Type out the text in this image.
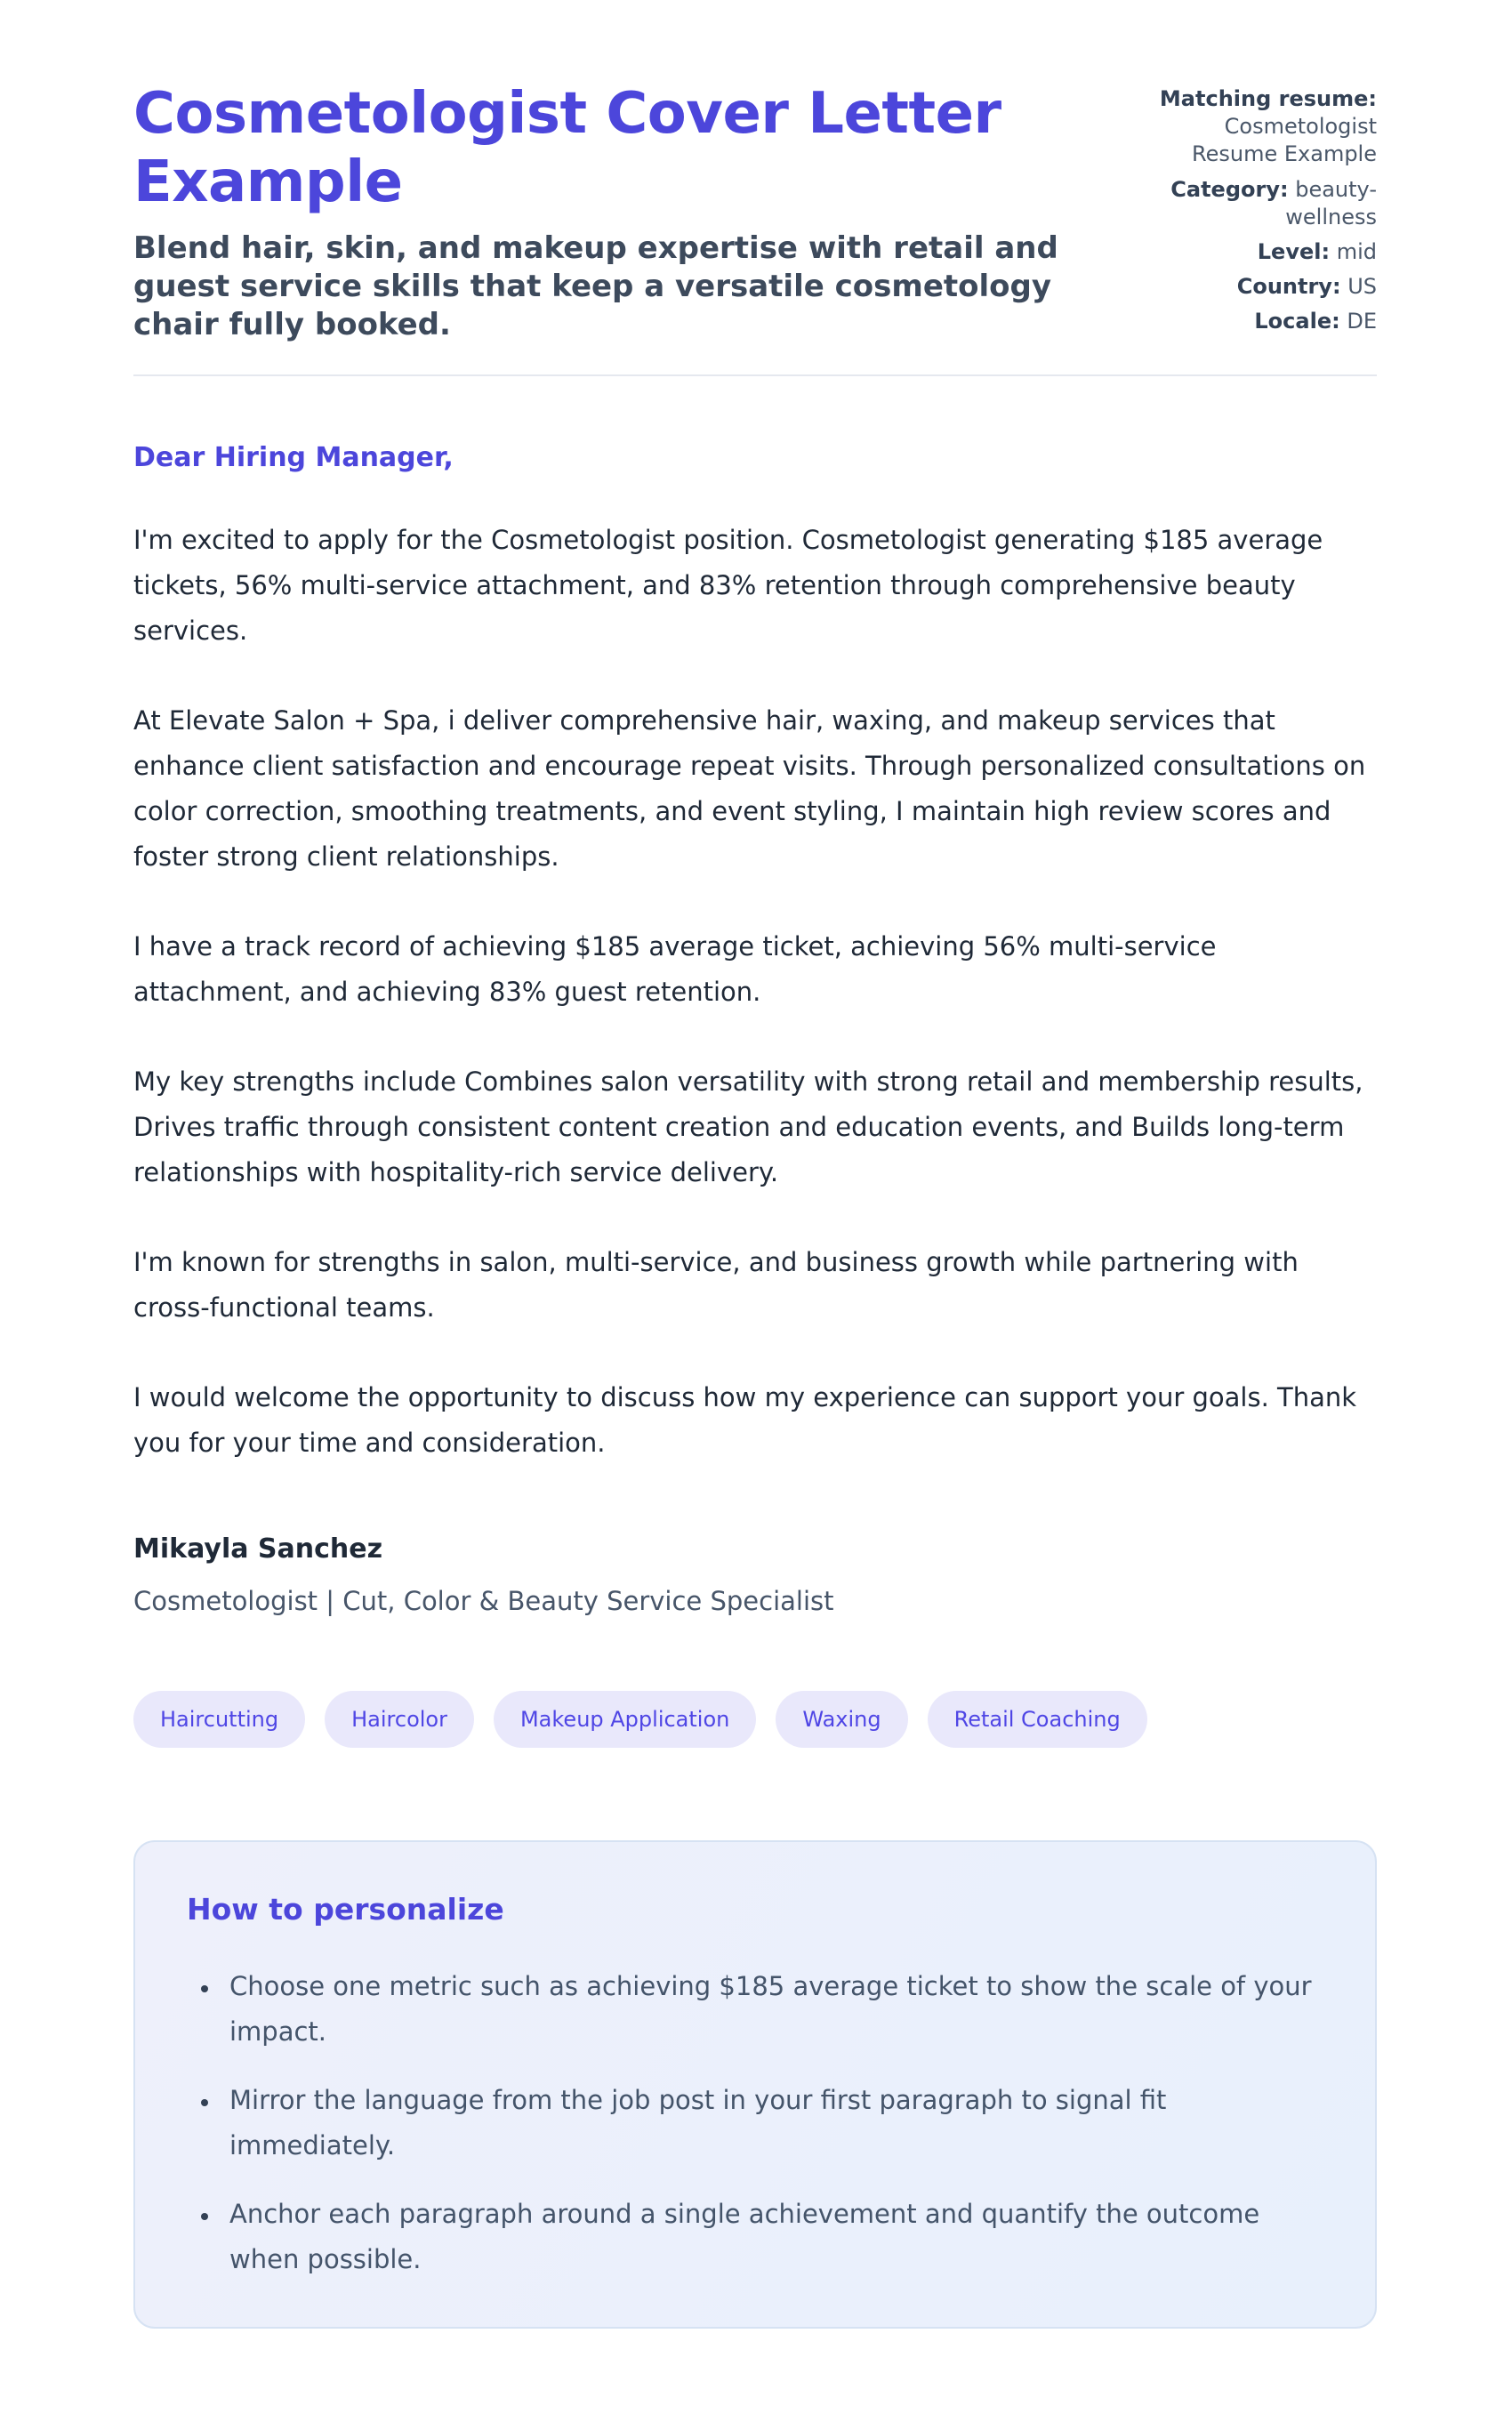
Cosmetologist Cover Letter Example

Blend hair, skin, and makeup expertise with retail and guest service skills that keep a versatile cosmetology chair fully booked.

Matching resume: Cosmetologist Resume Example
Category: beauty-wellness
Level: mid
Country: US
Locale: DE

Dear Hiring Manager,

I'm excited to apply for the Cosmetologist position. Cosmetologist generating $185 average tickets, 56% multi-service attachment, and 83% retention through comprehensive beauty services.

At Elevate Salon + Spa, i deliver comprehensive hair, waxing, and makeup services that enhance client satisfaction and encourage repeat visits. Through personalized consultations on color correction, smoothing treatments, and event styling, I maintain high review scores and foster strong client relationships.

I have a track record of achieving $185 average ticket, achieving 56% multi-service attachment, and achieving 83% guest retention.

My key strengths include Combines salon versatility with strong retail and membership results, Drives traffic through consistent content creation and education events, and Builds long-term relationships with hospitality-rich service delivery.

I'm known for strengths in salon, multi-service, and business growth while partnering with cross-functional teams.

I would welcome the opportunity to discuss how my experience can support your goals. Thank you for your time and consideration.

Mikayla Sanchez

Cosmetologist | Cut, Color & Beauty Service Specialist

Haircutting	Haircolor	Makeup Application	Waxing	Retail Coaching
How to personalize
• Choose one metric such as achieving $185 average ticket to show the scale of your impact.
• Mirror the language from the job post in your first paragraph to signal fit immediately.
• Anchor each paragraph around a single achievement and quantify the outcome when possible.
